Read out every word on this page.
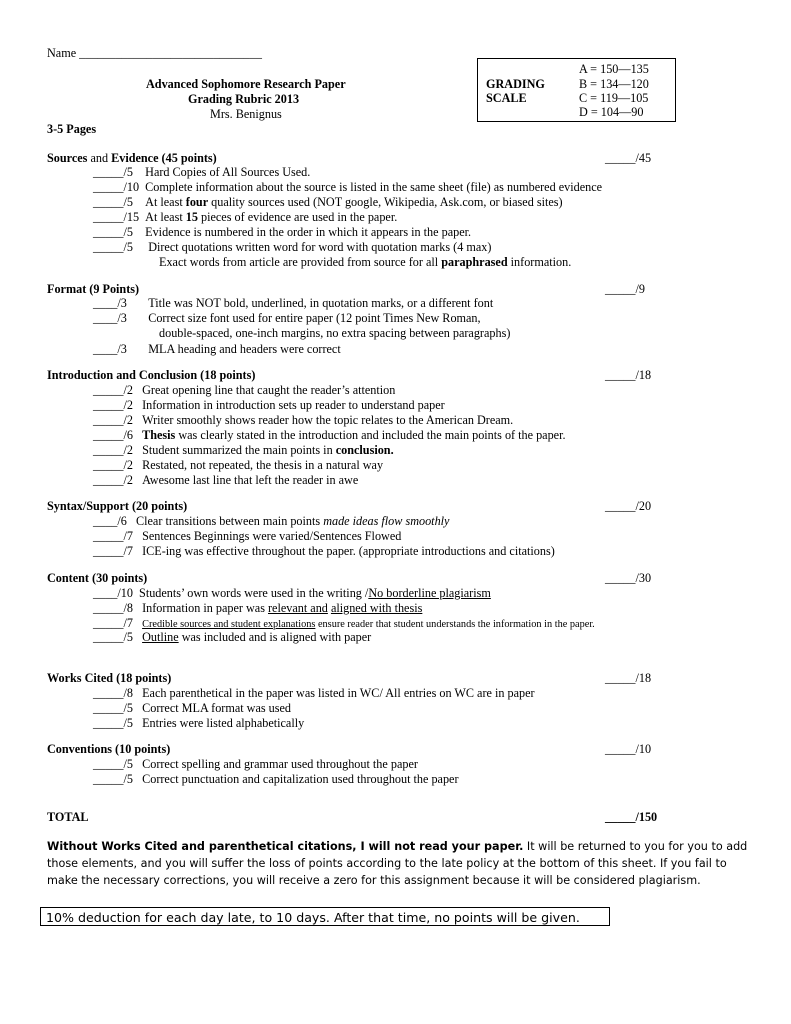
Name ______________________________
Advanced Sophomore Research Paper
Grading Rubric 2013
Mrs. Benignus
3-5 Pages
GRADING
SCALE
A = 150—135
B = 134—120
C = 119—105
D = 104—90
Sources and Evidence (45 points)	_____/45
_____/5 Hard Copies of All Sources Used.
_____/10 Complete information about the source is listed in the same sheet (file) as numbered evidence
_____/5 At least four quality sources used (NOT google, Wikipedia, Ask.com, or biased sites)
_____/15 At least 15 pieces of evidence are used in the paper.
_____/5 Evidence is numbered in the order in which it appears in the paper.
_____/5 Direct quotations written word for word with quotation marks (4 max)
Exact words from article are provided from source for all paraphrased information.
Format (9 Points)	_____/9
____/3 Title was NOT bold, underlined, in quotation marks, or a different font
____/3 Correct size font used for entire paper (12 point Times New Roman,
double-spaced, one-inch margins, no extra spacing between paragraphs)
____/3 MLA heading and headers were correct
Introduction and Conclusion (18 points)	_____/18
_____/2 Great opening line that caught the reader’s attention
_____/2 Information in introduction sets up reader to understand paper
_____/2 Writer smoothly shows reader how the topic relates to the American Dream.
_____/6 Thesis was clearly stated in the introduction and included the main points of the paper.
_____/2 Student summarized the main points in conclusion.
_____/2 Restated, not repeated, the thesis in a natural way
_____/2 Awesome last line that left the reader in awe
Syntax/Support (20 points)	_____/20
____/6 Clear transitions between main points made ideas flow smoothly
_____/7 Sentences Beginnings were varied/Sentences Flowed
_____/7 ICE-ing was effective throughout the paper. (appropriate introductions and citations)
Content (30 points)	_____/30
____/10 Students’ own words were used in the writing /No borderline plagiarism
_____/8 Information in paper was relevant and aligned with thesis
_____/7 Credible sources and student explanations ensure reader that student understands the information in the paper.
_____/5 Outline was included and is aligned with paper
Works Cited (18 points)	_____/18
_____/8 Each parenthetical in the paper was listed in WC/ All entries on WC are in paper
_____/5 Correct MLA format was used
_____/5 Entries were listed alphabetically
Conventions (10 points)	_____/10
_____/5 Correct spelling and grammar used throughout the paper
_____/5 Correct punctuation and capitalization used throughout the paper
TOTAL	_____/150
Without Works Cited and parenthetical citations, I will not read your paper. It will be returned to you for you to add
those elements, and you will suffer the loss of points according to the late policy at the bottom of this sheet. If you fail to
make the necessary corrections, you will receive a zero for this assignment because it will be considered plagiarism.
10% deduction for each day late, to 10 days. After that time, no points will be given.
